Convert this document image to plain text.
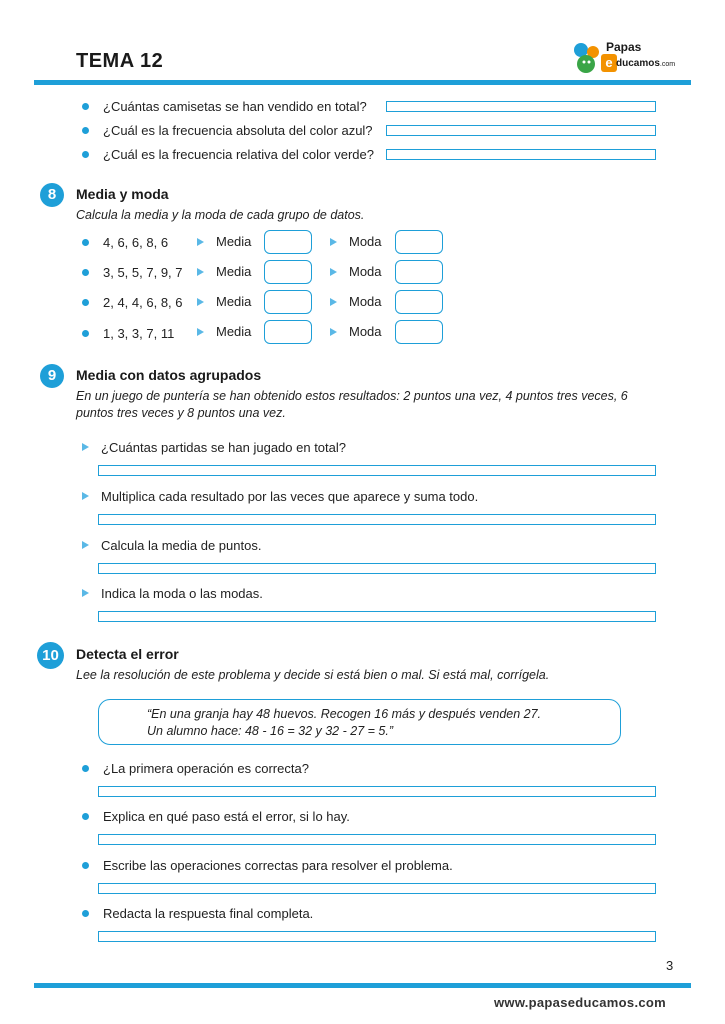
TEMA 12
Papas
e ducamos.com
¿Cuántas camisetas se han vendido en total?
¿Cuál es la frecuencia absoluta del color azul?
¿Cuál es la frecuencia relativa del color verde?
8	Media y moda
Calcula la media y la moda de cada grupo de datos.
4, 6, 6, 8, 6	Media	Moda
3, 5, 5, 7, 9, 7	Media	Moda
2, 4, 4, 6, 8, 6	Media	Moda
1, 3, 3, 7, 11	Media	Moda
9	Media con datos agrupados
En un juego de puntería se han obtenido estos resultados: 2 puntos una vez, 4 puntos tres veces, 6
puntos tres veces y 8 puntos una vez.
¿Cuántas partidas se han jugado en total?
Multiplica cada resultado por las veces que aparece y suma todo.
Calcula la media de puntos.
Indica la moda o las modas.
10	Detecta el error
Lee la resolución de este problema y decide si está bien o mal. Si está mal, corrígela.
“En una granja hay 48 huevos. Recogen 16 más y después venden 27.
Un alumno hace: 48 - 16 = 32 y 32 - 27 = 5.”
¿La primera operación es correcta?
Explica en qué paso está el error, si lo hay.
Escribe las operaciones correctas para resolver el problema.
Redacta la respuesta final completa.
3
www.papaseducamos.com
